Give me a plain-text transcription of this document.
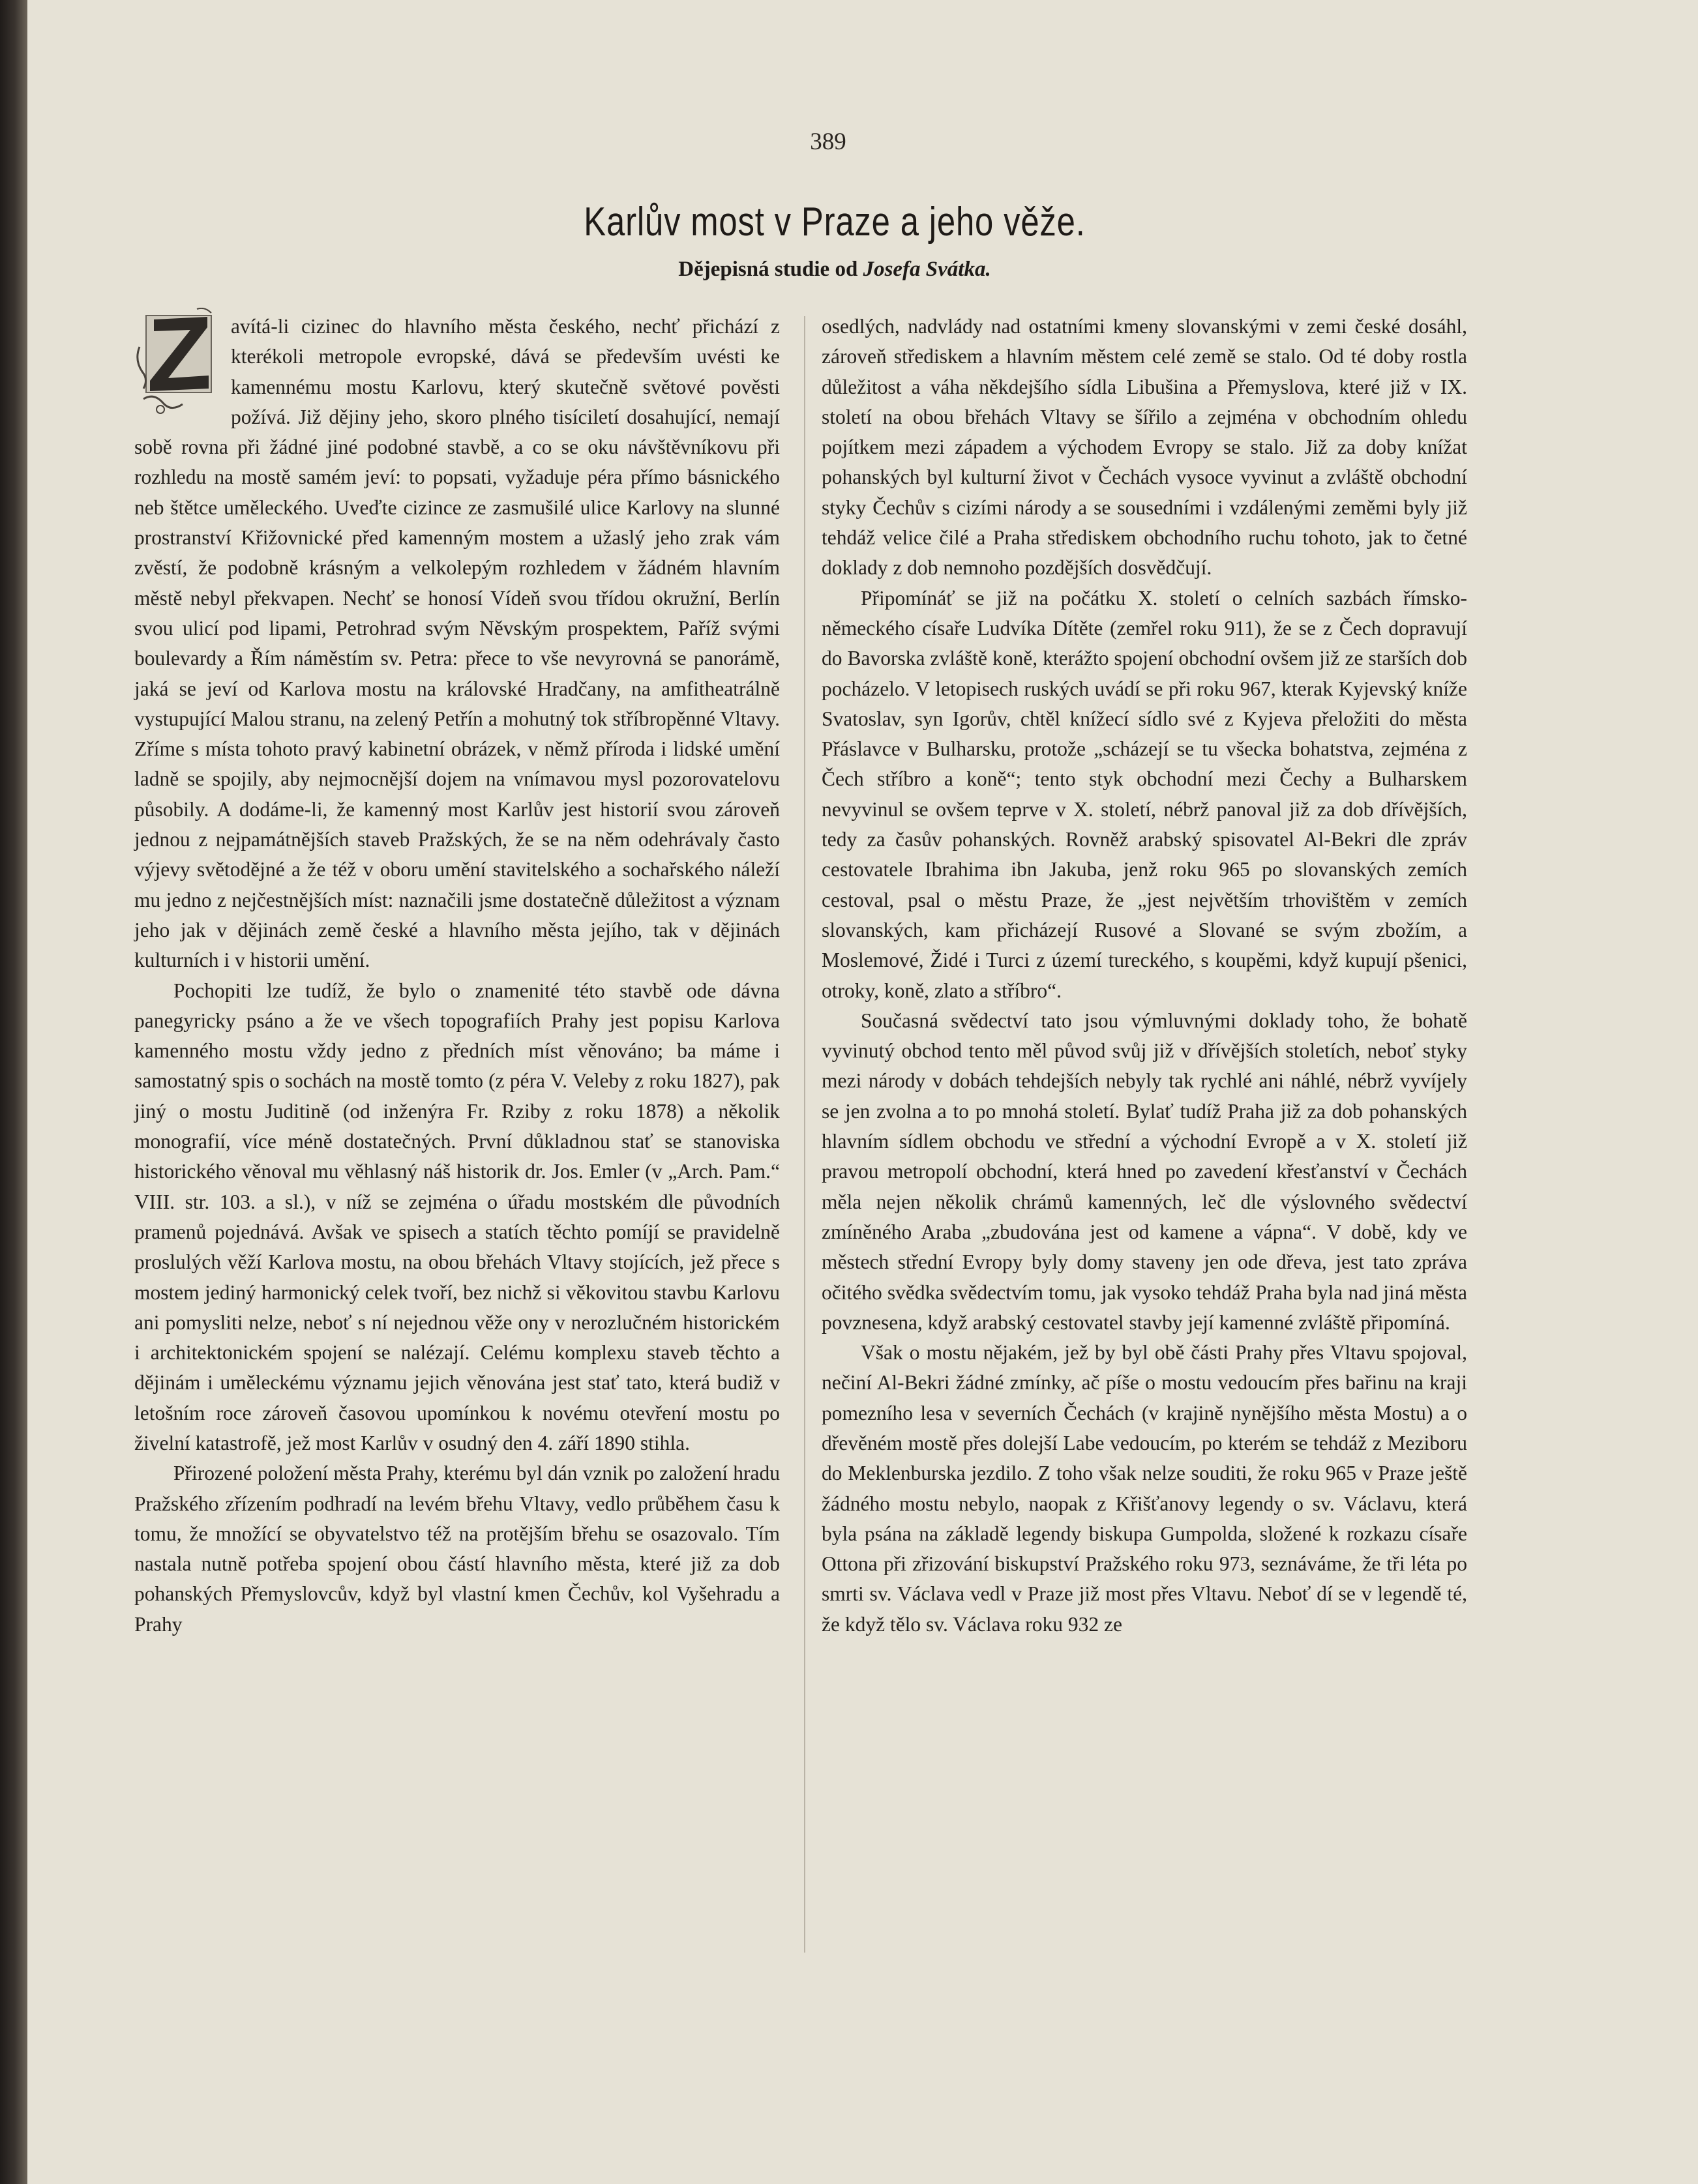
389
Karlův most v Praze a jeho věže.
Dějepisná studie od Josefa Svátka.

avítá-li cizinec do hlavního města českého, nechť přichází z kterékoli metropole evropské, dává se především uvésti ke kamennému mostu Karlovu, který skutečně světové pověsti požívá. Již dějiny jeho, skoro plného tisíciletí dosahující, nemají sobě rovna při žádné jiné podobné stavbě, a co se oku návštěvníkovu při rozhledu na mostě samém jeví: to popsati, vyžaduje péra přímo básnického neb štětce uměleckého. Uveďte cizince ze zasmušilé ulice Karlovy na slunné prostranství Křižovnické před kamenným mostem a užaslý jeho zrak vám zvěstí, že podobně krásným a velkolepým rozhledem v žádném hlavním městě nebyl překvapen. Nechť se honosí Vídeň svou třídou okružní, Berlín svou ulicí pod lipami, Petrohrad svým Něvským prospektem, Paříž svými boulevardy a Řím náměstím sv. Petra: přece to vše nevyrovná se panorámě, jaká se jeví od Karlova mostu na královské Hradčany, na amfitheatrálně vystupující Malou stranu, na zelený Petřín a mohutný tok stříbropěnné Vltavy. Zříme s místa tohoto pravý kabinetní obrázek, v němž příroda i lidské umění ladně se spojily, aby nejmocnější dojem na vnímavou mysl pozorovatelovu působily. A dodáme-li, že kamenný most Karlův jest historií svou zároveň jednou z nejpamátnějších staveb Pražských, že se na něm odehrávaly často výjevy světodějné a že též v oboru umění stavitelského a sochařského náleží mu jedno z nejčestnějších míst: naznačili jsme dostatečně důležitost a význam jeho jak v dějinách země české a hlavního města jejího, tak v dějinách kulturních i v historii umění.

Pochopiti lze tudíž, že bylo o znamenité této stavbě ode dávna panegyricky psáno a že ve všech topografiích Prahy jest popisu Karlova kamenného mostu vždy jedno z předních míst věnováno; ba máme i samostatný spis o sochách na mostě tomto (z péra V. Veleby z roku 1827), pak jiný o mostu Juditině (od inženýra Fr. Rziby z roku 1878) a několik monografií, více méně dostatečných. První důkladnou stať se stanoviska historického věnoval mu věhlasný náš historik dr. Jos. Emler (v „Arch. Pam.“ VIII. str. 103. a sl.), v níž se zejména o úřadu mostském dle původních pramenů pojednává. Avšak ve spisech a statích těchto pomíjí se pravidelně proslulých věží Karlova mostu, na obou břehách Vltavy stojících, jež přece s mostem jediný harmonický celek tvoří, bez nichž si věkovitou stavbu Karlovu ani pomysliti nelze, neboť s ní nejednou věže ony v nerozlučném historickém i architektonickém spojení se nalézají. Celému komplexu staveb těchto a dějinám i uměleckému významu jejich věnována jest stať tato, která budiž v letošním roce zároveň časovou upomínkou k novému otevření mostu po živelní katastrofě, jež most Karlův v osudný den 4. září 1890 stihla.

Přirozené položení města Prahy, kterému byl dán vznik po založení hradu Pražského zřízením podhradí na levém břehu Vltavy, vedlo průběhem času k tomu, že množící se obyvatelstvo též na protějším břehu se osazovalo. Tím nastala nutně potřeba spojení obou částí hlavního města, které již za dob pohanských Přemyslovcův, když byl vlastní kmen Čechův, kol Vyšehradu a Prahy

osedlých, nadvlády nad ostatními kmeny slovanskými v zemi české dosáhl, zároveň střediskem a hlavním městem celé země se stalo. Od té doby rostla důležitost a váha někdejšího sídla Libušina a Přemyslova, které již v IX. století na obou břehách Vltavy se šířilo a zejména v obchodním ohledu pojítkem mezi západem a východem Evropy se stalo. Již za doby knížat pohanských byl kulturní život v Čechách vysoce vyvinut a zvláště obchodní styky Čechův s cizími národy a se sousedními i vzdálenými zeměmi byly již tehdáž velice čilé a Praha střediskem obchodního ruchu tohoto, jak to četné doklady z dob nemnoho pozdějších dosvědčují.

Připomínáť se již na počátku X. století o celních sazbách římsko-německého císaře Ludvíka Dítěte (zemřel roku 911), že se z Čech dopravují do Bavorska zvláště koně, kterážto spojení obchodní ovšem již ze starších dob pocházelo. V letopisech ruských uvádí se při roku 967, kterak Kyjevský kníže Svatoslav, syn Igorův, chtěl knížecí sídlo své z Kyjeva přeložiti do města Přáslavce v Bulharsku, protože „scházejí se tu všecka bohatstva, zejména z Čech stříbro a koně“; tento styk obchodní mezi Čechy a Bulharskem nevyvinul se ovšem teprve v X. století, nébrž panoval již za dob dřívějších, tedy za časův pohanských. Rovněž arabský spisovatel Al-Bekri dle zpráv cestovatele Ibrahima ibn Jakuba, jenž roku 965 po slovanských zemích cestoval, psal o městu Praze, že „jest největším trhovištěm v zemích slovanských, kam přicházejí Rusové a Slované se svým zbožím, a Moslemové, Židé i Turci z území tureckého, s koupěmi, když kupují pšenici, otroky, koně, zlato a stříbro“.

Současná svědectví tato jsou výmluvnými doklady toho, že bohatě vyvinutý obchod tento měl původ svůj již v dřívějších stoletích, neboť styky mezi národy v dobách tehdejších nebyly tak rychlé ani náhlé, nébrž vyvíjely se jen zvolna a to po mnohá století. Bylať tudíž Praha již za dob pohanských hlavním sídlem obchodu ve střední a východní Evropě a v X. století již pravou metropolí obchodní, která hned po zavedení křesťanství v Čechách měla nejen několik chrámů kamenných, leč dle výslovného svědectví zmíněného Araba „zbudována jest od kamene a vápna“. V době, kdy ve městech střední Evropy byly domy staveny jen ode dřeva, jest tato zpráva očitého svědka svědectvím tomu, jak vysoko tehdáž Praha byla nad jiná města povznesena, když arabský cestovatel stavby její kamenné zvláště připomíná.

Však o mostu nějakém, jež by byl obě části Prahy přes Vltavu spojoval, nečiní Al-Bekri žádné zmínky, ač píše o mostu vedoucím přes bařinu na kraji pomezního lesa v severních Čechách (v krajině nynějšího města Mostu) a o dřevěném mostě přes dolejší Labe vedoucím, po kterém se tehdáž z Meziboru do Meklenburska jezdilo. Z toho však nelze souditi, že roku 965 v Praze ještě žádného mostu nebylo, naopak z Křišťanovy legendy o sv. Václavu, která byla psána na základě legendy biskupa Gumpolda, složené k rozkazu císaře Ottona při zřizování biskupství Pražského roku 973, seznáváme, že tři léta po smrti sv. Václava vedl v Praze již most přes Vltavu. Neboť dí se v legendě té, že když tělo sv. Václava roku 932 ze
